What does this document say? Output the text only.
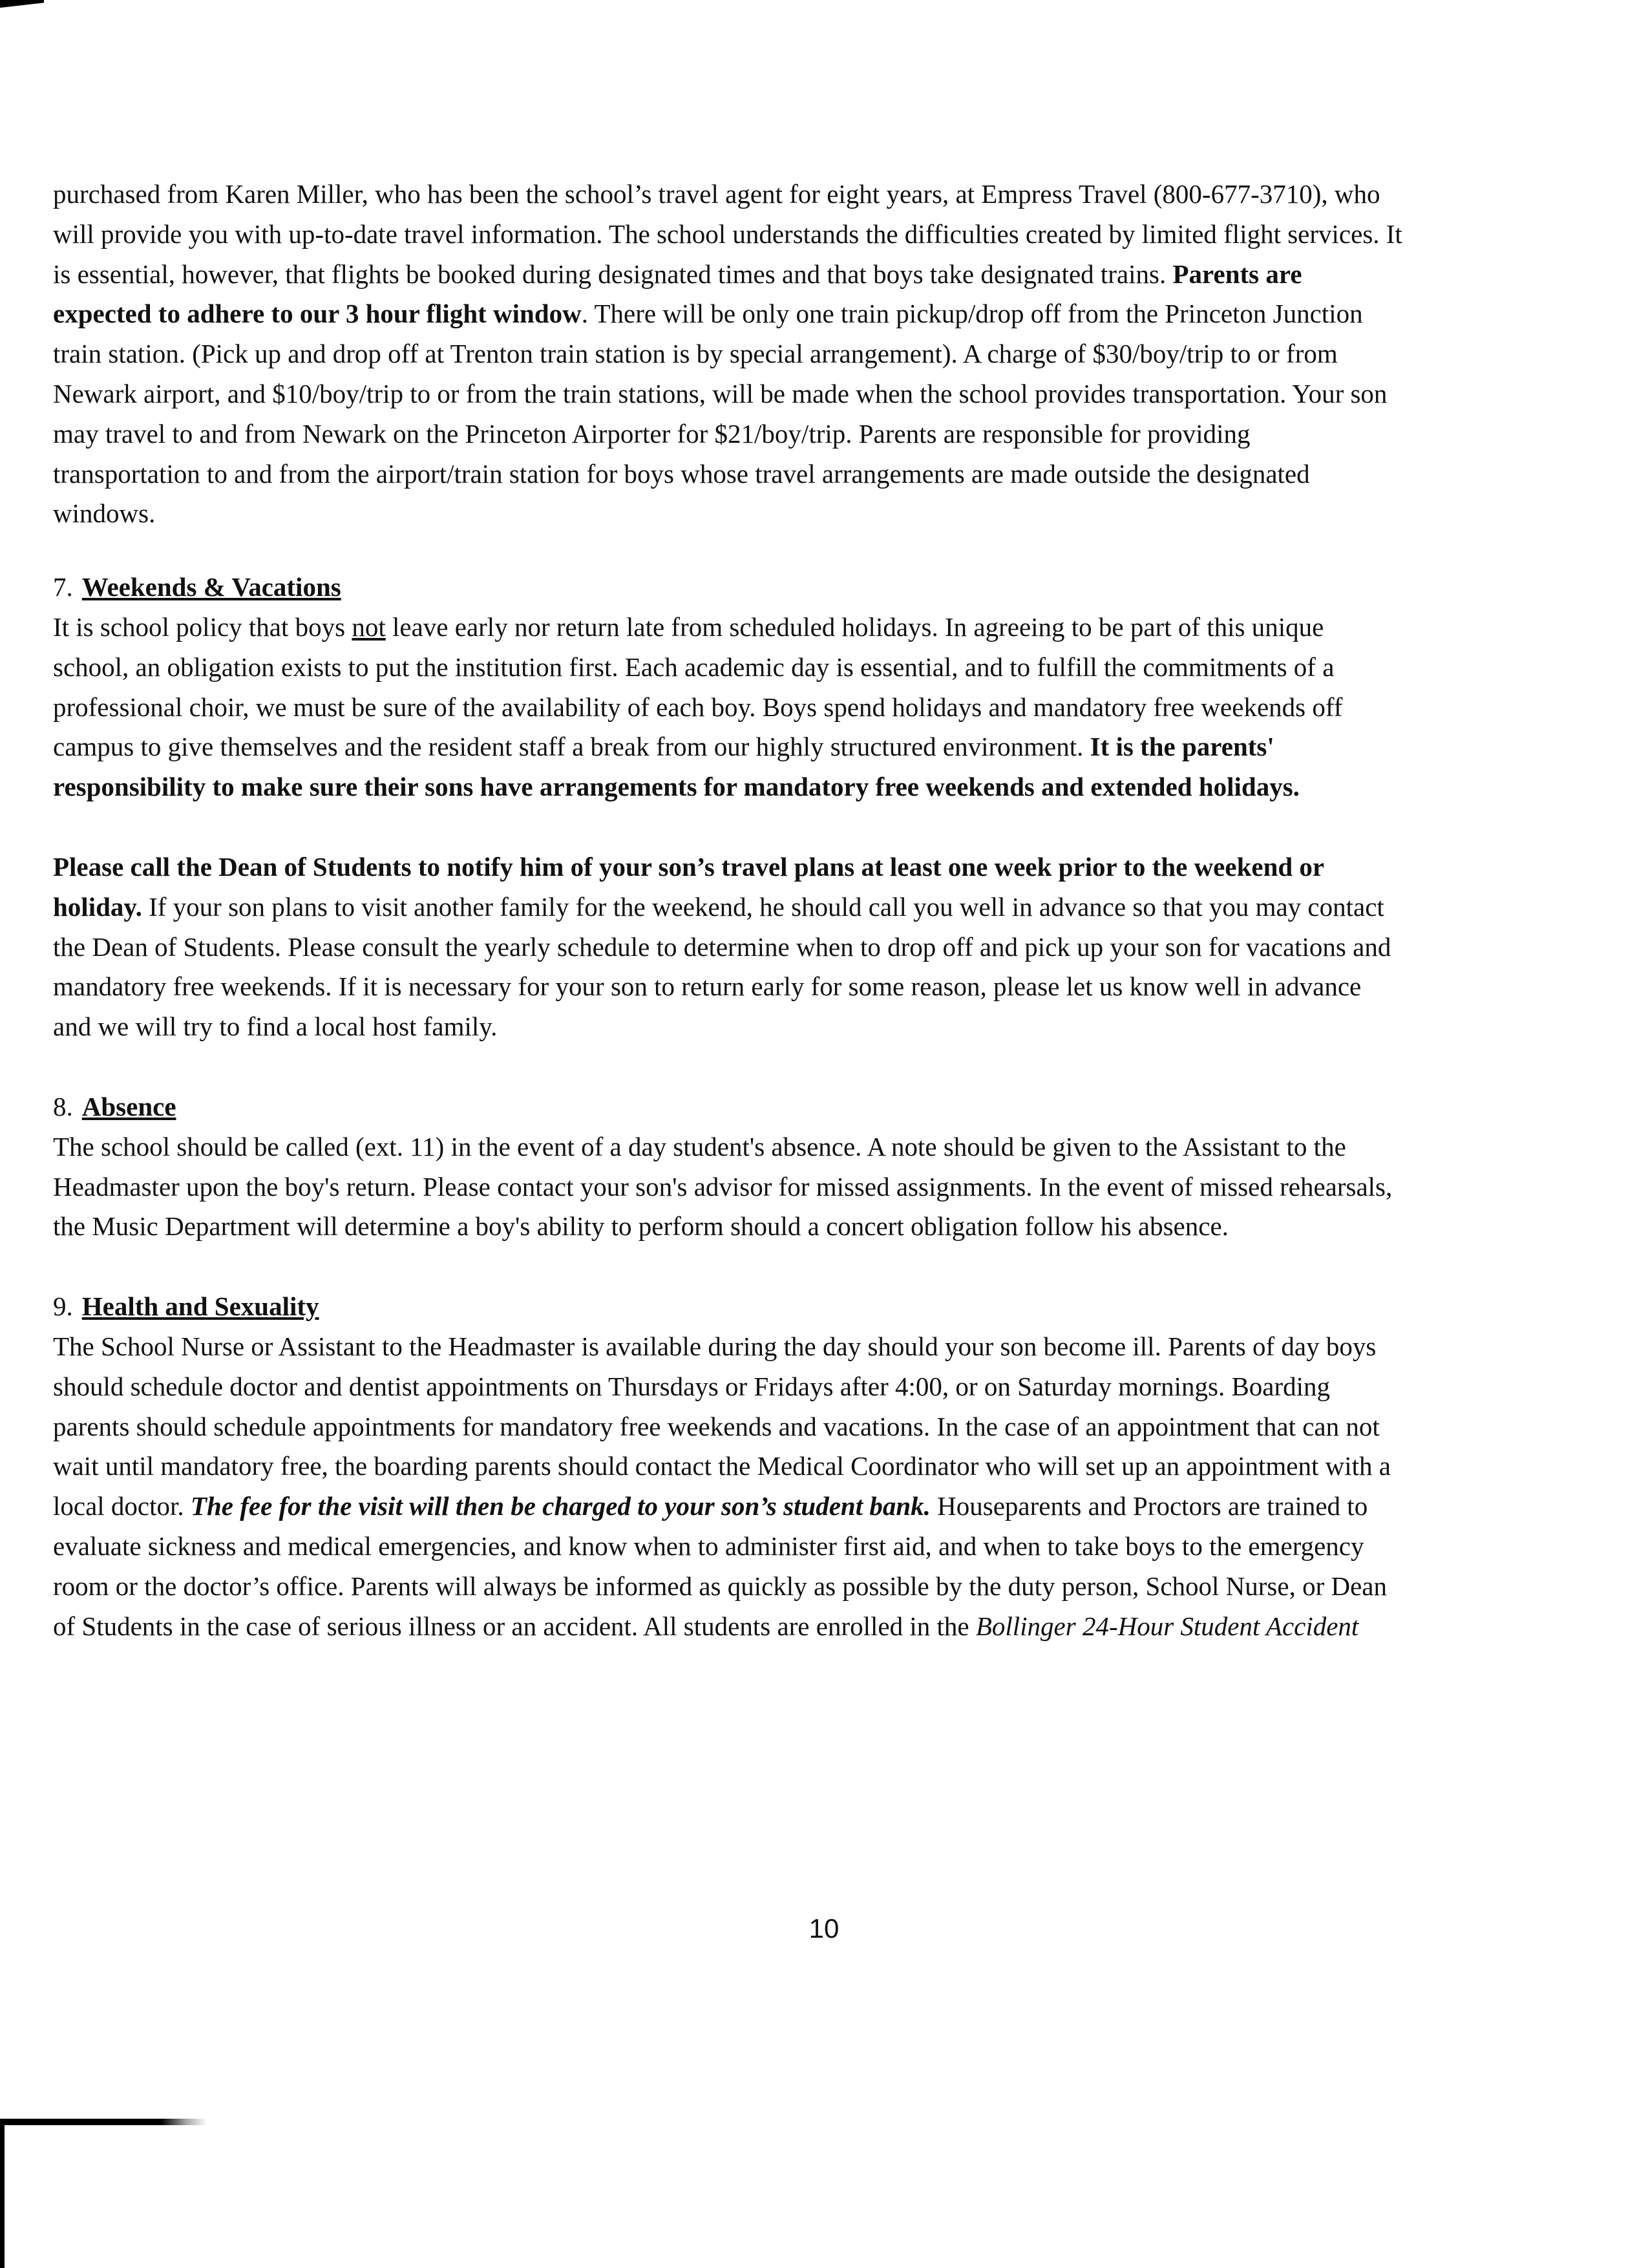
purchased from Karen Miller, who has been the school’s travel agent for eight years, at Empress Travel (800-677-3710), who will provide you with up-to-date travel information. The school understands the difficulties created by limited flight services. It is essential, however, that flights be booked during designated times and that boys take designated trains. Parents are expected to adhere to our 3 hour flight window. There will be only one train pickup/drop off from the Princeton Junction train station. (Pick up and drop off at Trenton train station is by special arrangement). A charge of $30/boy/trip to or from Newark airport, and $10/boy/trip to or from the train stations, will be made when the school provides transportation. Your son may travel to and from Newark on the Princeton Airporter for $21/boy/trip. Parents are responsible for providing transportation to and from the airport/train station for boys whose travel arrangements are made outside the designated windows.

7. Weekends & Vacations

It is school policy that boys not leave early nor return late from scheduled holidays. In agreeing to be part of this unique school, an obligation exists to put the institution first. Each academic day is essential, and to fulfill the commitments of a professional choir, we must be sure of the availability of each boy. Boys spend holidays and mandatory free weekends off campus to give themselves and the resident staff a break from our highly structured environment. It is the parents' responsibility to make sure their sons have arrangements for mandatory free weekends and extended holidays.

Please call the Dean of Students to notify him of your son’s travel plans at least one week prior to the weekend or holiday. If your son plans to visit another family for the weekend, he should call you well in advance so that you may contact the Dean of Students. Please consult the yearly schedule to determine when to drop off and pick up your son for vacations and mandatory free weekends. If it is necessary for your son to return early for some reason, please let us know well in advance and we will try to find a local host family.

8. Absence

The school should be called (ext. 11) in the event of a day student's absence. A note should be given to the Assistant to the Headmaster upon the boy's return. Please contact your son's advisor for missed assignments. In the event of missed rehearsals, the Music Department will determine a boy's ability to perform should a concert obligation follow his absence.

9. Health and Sexuality

The School Nurse or Assistant to the Headmaster is available during the day should your son become ill. Parents of day boys should schedule doctor and dentist appointments on Thursdays or Fridays after 4:00, or on Saturday mornings. Boarding parents should schedule appointments for mandatory free weekends and vacations. In the case of an appointment that can not wait until mandatory free, the boarding parents should contact the Medical Coordinator who will set up an appointment with a local doctor. The fee for the visit will then be charged to your son’s student bank. Houseparents and Proctors are trained to evaluate sickness and medical emergencies, and know when to administer first aid, and when to take boys to the emergency room or the doctor’s office. Parents will always be informed as quickly as possible by the duty person, School Nurse, or Dean of Students in the case of serious illness or an accident. All students are enrolled in the Bollinger 24-Hour Student Accident

10
